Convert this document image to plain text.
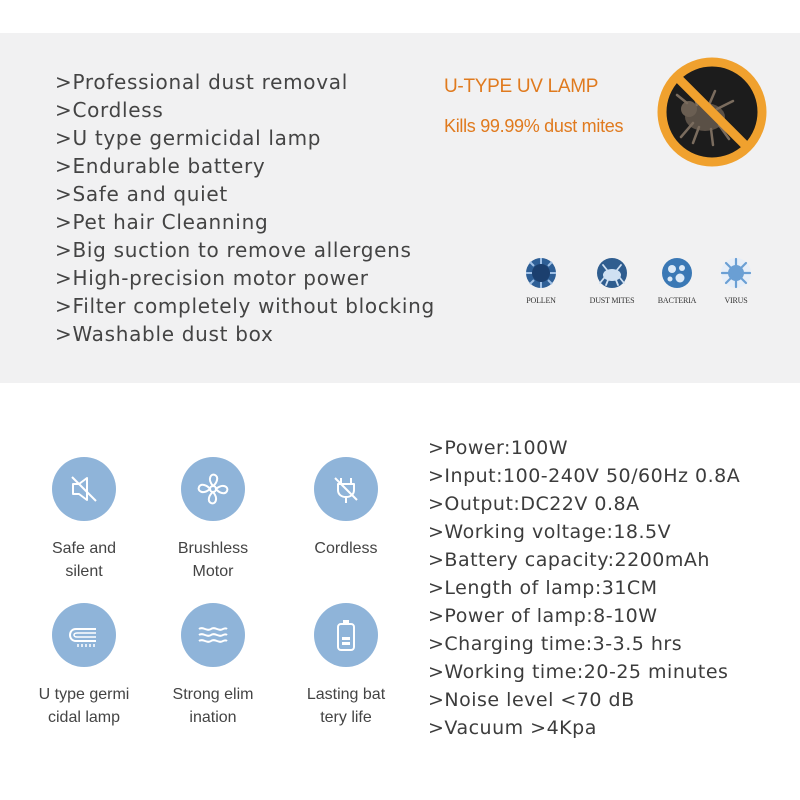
>Professional dust removal
>Cordless
>U type germicidal lamp
>Endurable battery
>Safe and quiet
>Pet hair Cleanning
>Big suction to remove allergens
>High-precision motor power
>Filter completely without blocking
>Washable dust box
U-TYPE UV LAMP
Kills 99.99% dust mites
POLLEN	DUST MITES	BACTERIA	VIRUS
Safe and
silent
Brushless
Motor
Cordless

U type germi
cidal lamp
Strong elim
ination
Lasting bat
tery life
>Power:100W
>Input:100-240V 50/60Hz 0.8A
>Output:DC22V 0.8A
>Working voltage:18.5V
>Battery capacity:2200mAh
>Length of lamp:31CM
>Power of lamp:8-10W
>Charging time:3-3.5 hrs
>Working time:20-25 minutes
>Noise level <70 dB
>Vacuum >4Kpa
